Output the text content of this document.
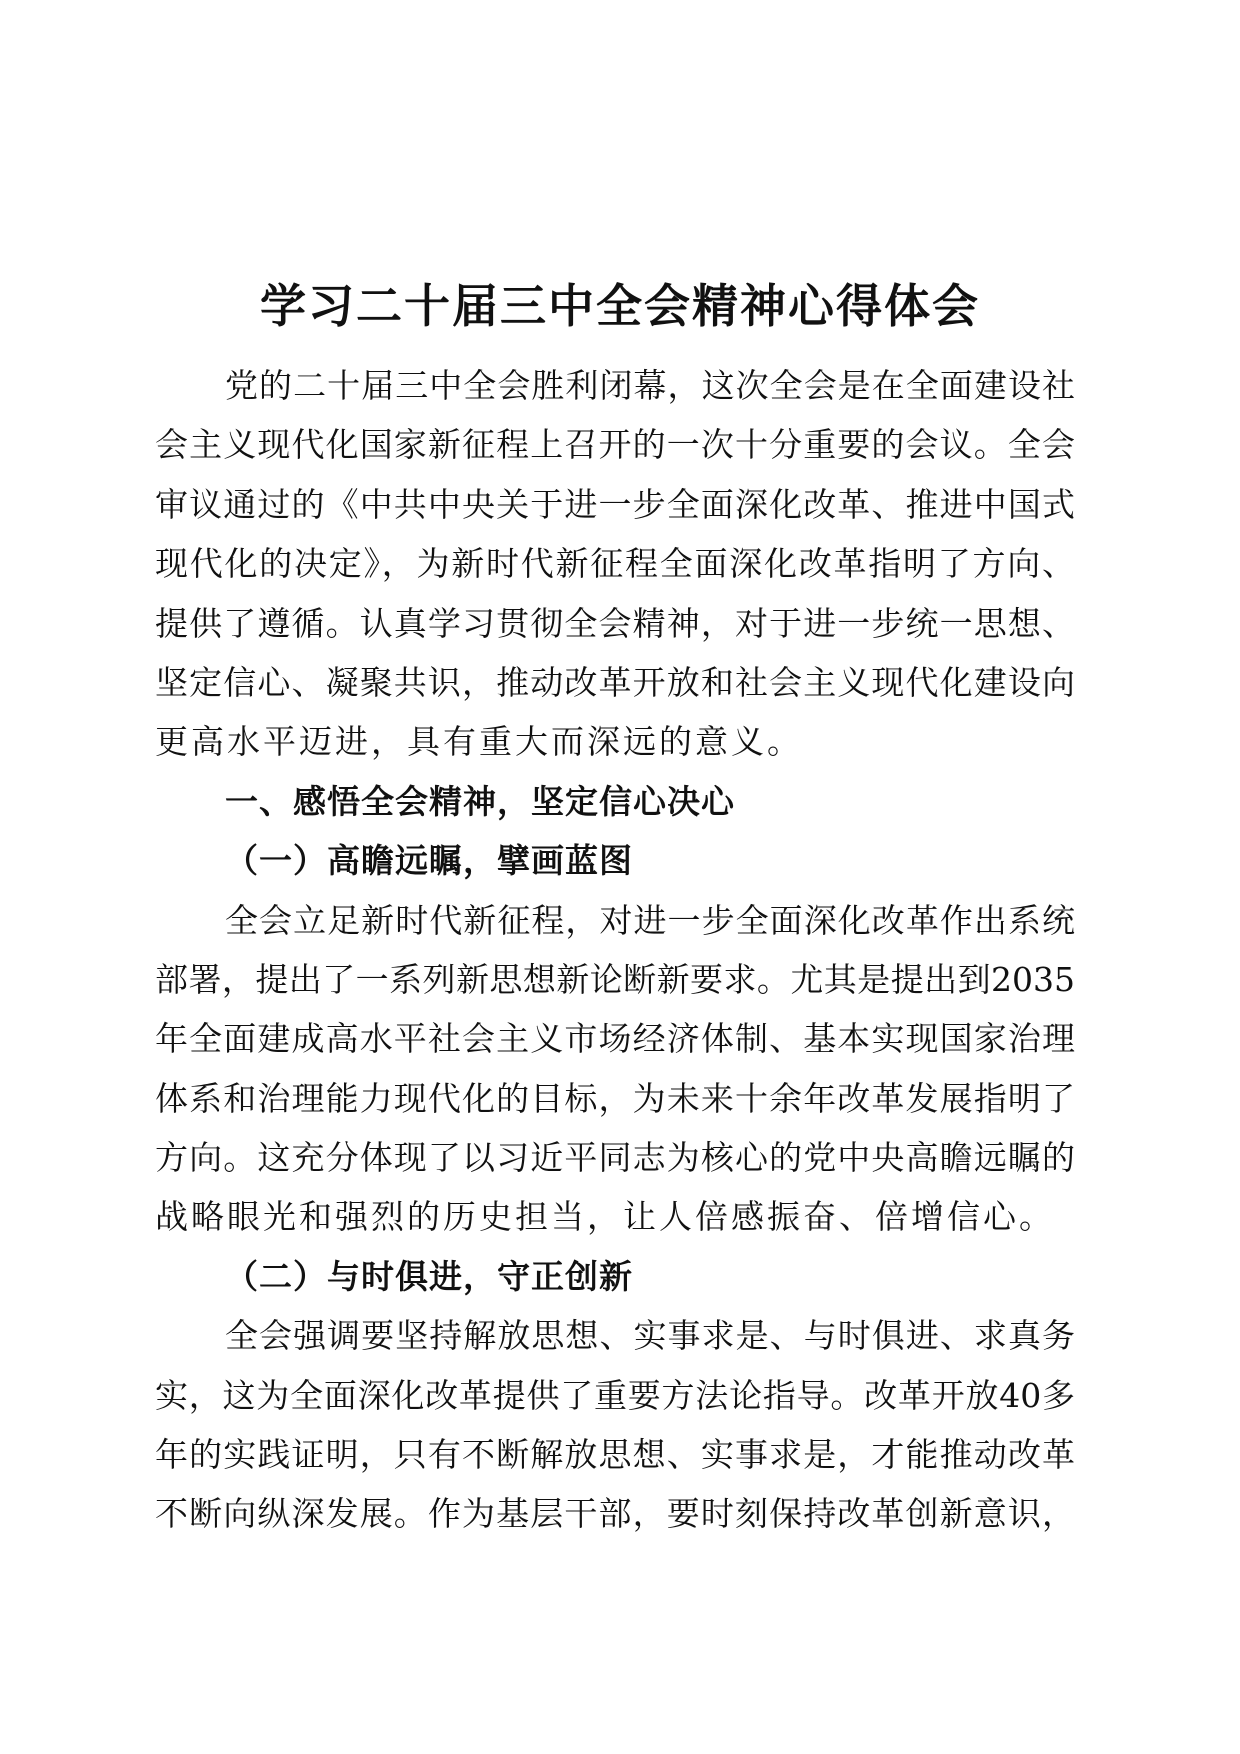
学习二十届三中全会精神心得体会
党的二十届三中全会胜利闭幕，这次全会是在全面建设社
会主义现代化国家新征程上召开的一次十分重要的会议。全会
审议通过的《中共中央关于进一步全面深化改革、推进中国式
现代化的决定》，为新时代新征程全面深化改革指明了方向、
提供了遵循。认真学习贯彻全会精神，对于进一步统一思想、
坚定信心、凝聚共识，推动改革开放和社会主义现代化建设向
更高水平迈进，具有重大而深远的意义。
一、感悟全会精神，坚定信心决心
（一）高瞻远瞩，擘画蓝图
全会立足新时代新征程，对进一步全面深化改革作出系统
部署，提出了一系列新思想新论断新要求。尤其是提出到2035
年全面建成高水平社会主义市场经济体制、基本实现国家治理
体系和治理能力现代化的目标，为未来十余年改革发展指明了
方向。这充分体现了以习近平同志为核心的党中央高瞻远瞩的
战略眼光和强烈的历史担当，让人倍感振奋、倍增信心。
（二）与时俱进，守正创新
全会强调要坚持解放思想、实事求是、与时俱进、求真务
实，这为全面深化改革提供了重要方法论指导。改革开放40多
年的实践证明，只有不断解放思想、实事求是，才能推动改革
不断向纵深发展。作为基层干部，要时刻保持改革创新意识，
